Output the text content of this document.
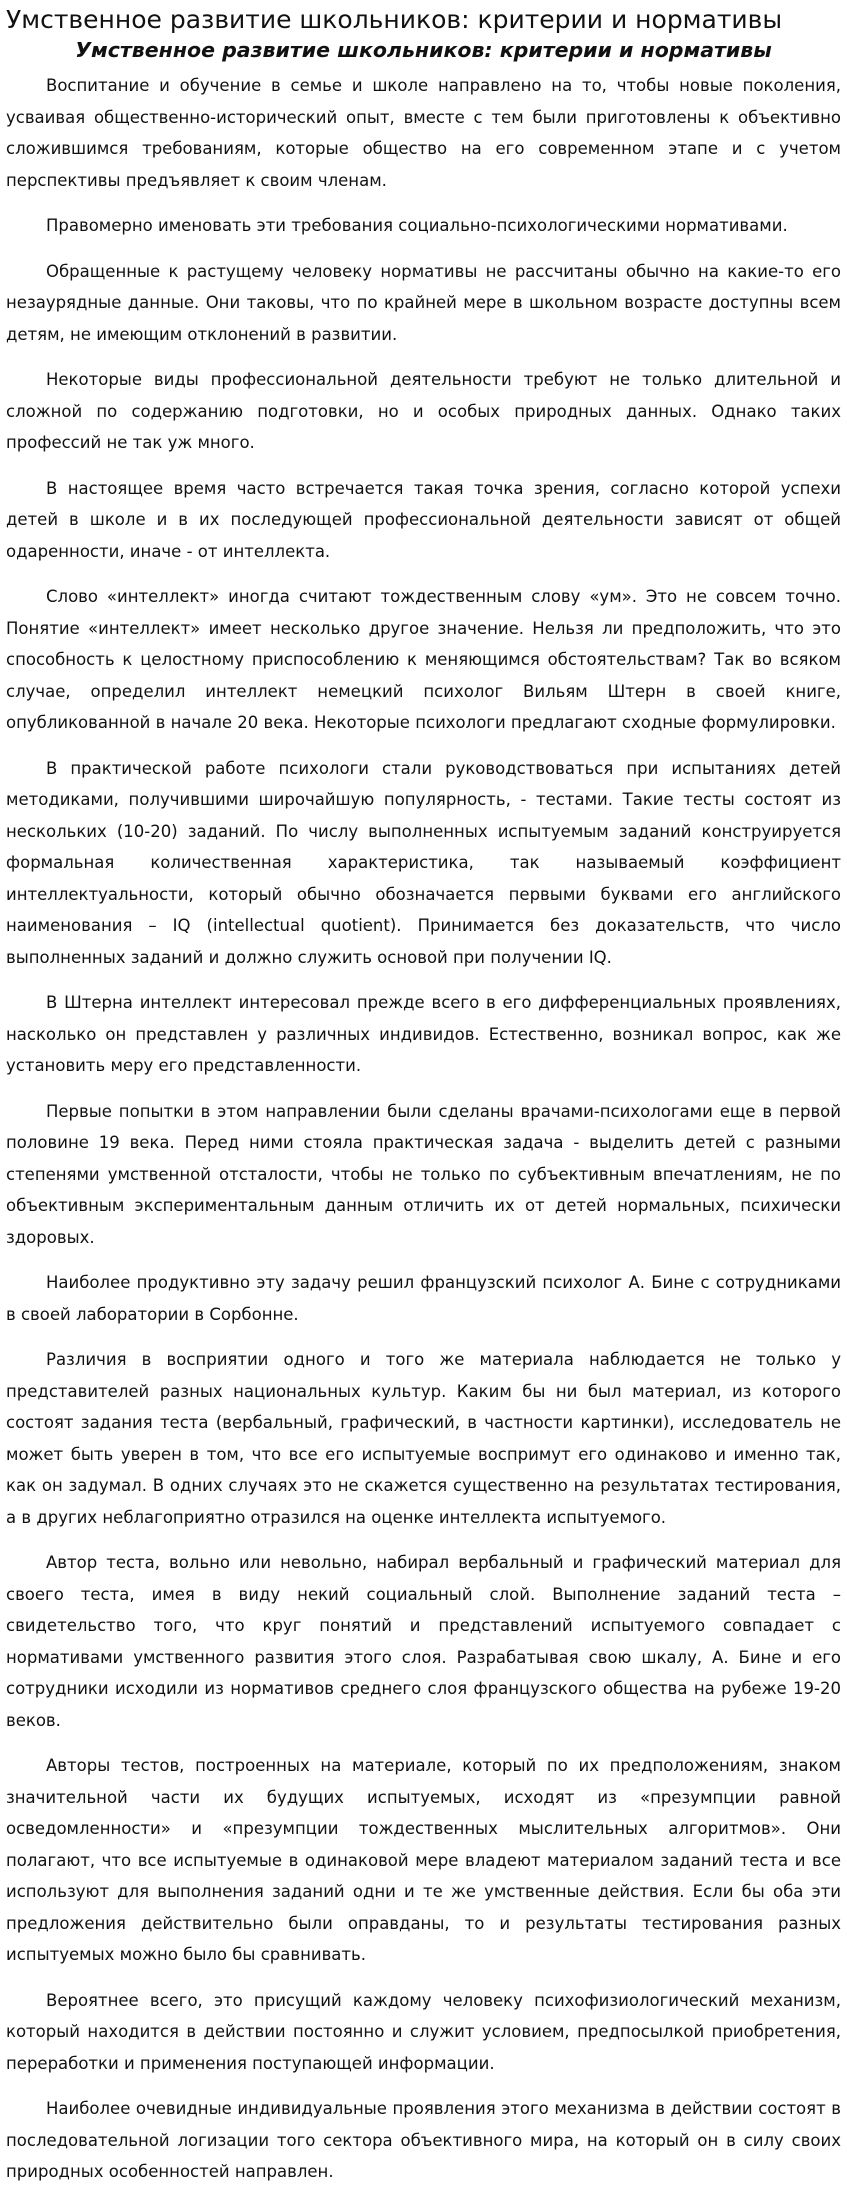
Умственное развитие школьников: критерии и нормативы
Умственное развитие школьников: критерии и нормативы

Воспитание и обучение в семье и школе направлено на то, чтобы новые поколения, усваивая общественно-исторический опыт, вместе с тем были приготовлены к объективно сложившимся требованиям, которые общество на его современном этапе и с учетом перспективы предъявляет к своим членам.

Правомерно именовать эти требования социально-психологическими нормативами.

Обращенные к растущему человеку нормативы не рассчитаны обычно на какие-то его незаурядные данные. Они таковы, что по крайней мере в школьном возрасте доступны всем детям, не имеющим отклонений в развитии.

Некоторые виды профессиональной деятельности требуют не только длительной и сложной по содержанию подготовки, но и особых природных данных. Однако таких профессий не так уж много.

В настоящее время часто встречается такая точка зрения, согласно которой успехи детей в школе и в их последующей профессиональной деятельности зависят от общей одаренности, иначе - от интеллекта.

Слово «интеллект» иногда считают тождественным слову «ум». Это не совсем точно. Понятие «интеллект» имеет несколько другое значение. Нельзя ли предположить, что это способность к целостному приспособлению к меняющимся обстоятельствам? Так во всяком случае, определил интеллект немецкий психолог Вильям Штерн в своей книге, опубликованной в начале 20 века. Некоторые психологи предлагают сходные формулировки.

В практической работе психологи стали руководствоваться при испытаниях детей методиками, получившими широчайшую популярность, - тестами. Такие тесты состоят из нескольких (10-20) заданий. По числу выполненных испытуемым заданий конструируется формальная количественная характеристика, так называемый коэффициент интеллектуальности, который обычно обозначается первыми буквами его английского наименования – IQ (intellectual quotient). Принимается без доказательств, что число выполненных заданий и должно служить основой при получении IQ.

В Штерна интеллект интересовал прежде всего в его дифференциальных проявлениях, насколько он представлен у различных индивидов. Естественно, возникал вопрос, как же установить меру его представленности.

Первые попытки в этом направлении были сделаны врачами-психологами еще в первой половине 19 века. Перед ними стояла практическая задача - выделить детей с разными степенями умственной отсталости, чтобы не только по субъективным впечатлениям, не по объективным экспериментальным данным отличить их от детей нормальных, психически здоровых.

Наиболее продуктивно эту задачу решил французский психолог А. Бине с сотрудниками в своей лаборатории в Сорбонне.

Различия в восприятии одного и того же материала наблюдается не только у представителей разных национальных культур. Каким бы ни был материал, из которого состоят задания теста (вербальный, графический, в частности картинки), исследователь не может быть уверен в том, что все его испытуемые воспримут его одинаково и именно так, как он задумал. В одних случаях это не скажется существенно на результатах тестирования, а в других неблагоприятно отразился на оценке интеллекта испытуемого.

Автор теста, вольно или невольно, набирал вербальный и графический материал для своего теста, имея в виду некий социальный слой. Выполнение заданий теста – свидетельство того, что круг понятий и представлений испытуемого совпадает с нормативами умственного развития этого слоя. Разрабатывая свою шкалу, А. Бине и его сотрудники исходили из нормативов среднего слоя французского общества на рубеже 19-20 веков.

Авторы тестов, построенных на материале, который по их предположениям, знаком значительной части их будущих испытуемых, исходят из «презумпции равной осведомленности» и «презумпции тождественных мыслительных алгоритмов». Они полагают, что все испытуемые в одинаковой мере владеют материалом заданий теста и все используют для выполнения заданий одни и те же умственные действия. Если бы оба эти предложения действительно были оправданы, то и результаты тестирования разных испытуемых можно было бы сравнивать.

Вероятнее всего, это присущий каждому человеку психофизиологический механизм, который находится в действии постоянно и служит условием, предпосылкой приобретения, переработки и применения поступающей информации.

Наиболее очевидные индивидуальные проявления этого механизма в действии состоят в последовательной логизации того сектора объективного мира, на который он в силу своих природных особенностей направлен.
